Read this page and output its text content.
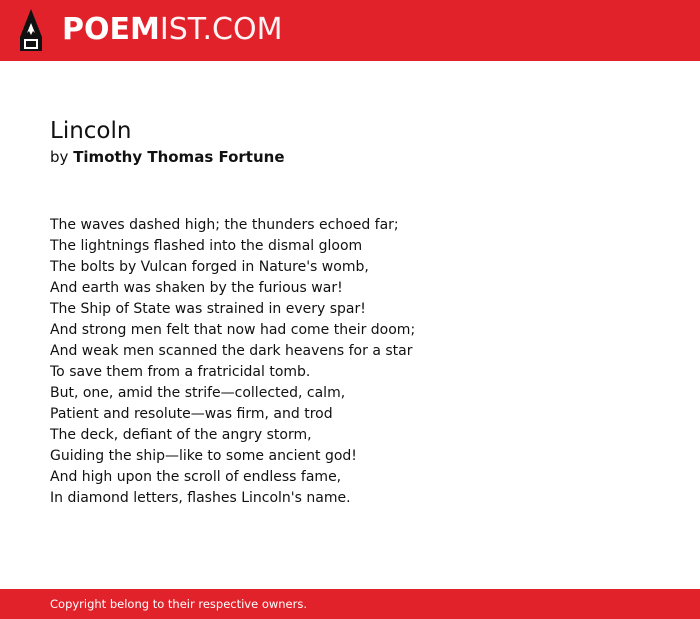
POEMIST.COM
Lincoln
by Timothy Thomas Fortune
The waves dashed high; the thunders echoed far;
The lightnings flashed into the dismal gloom
The bolts by Vulcan forged in Nature's womb,
And earth was shaken by the furious war!
The Ship of State was strained in every spar!
And strong men felt that now had come their doom;
And weak men scanned the dark heavens for a star
To save them from a fratricidal tomb.
But, one, amid the strife—collected, calm,
Patient and resolute—was firm, and trod
The deck, defiant of the angry storm,
Guiding the ship—like to some ancient god!
And high upon the scroll of endless fame,
In diamond letters, flashes Lincoln's name.
Copyright belong to their respective owners.
